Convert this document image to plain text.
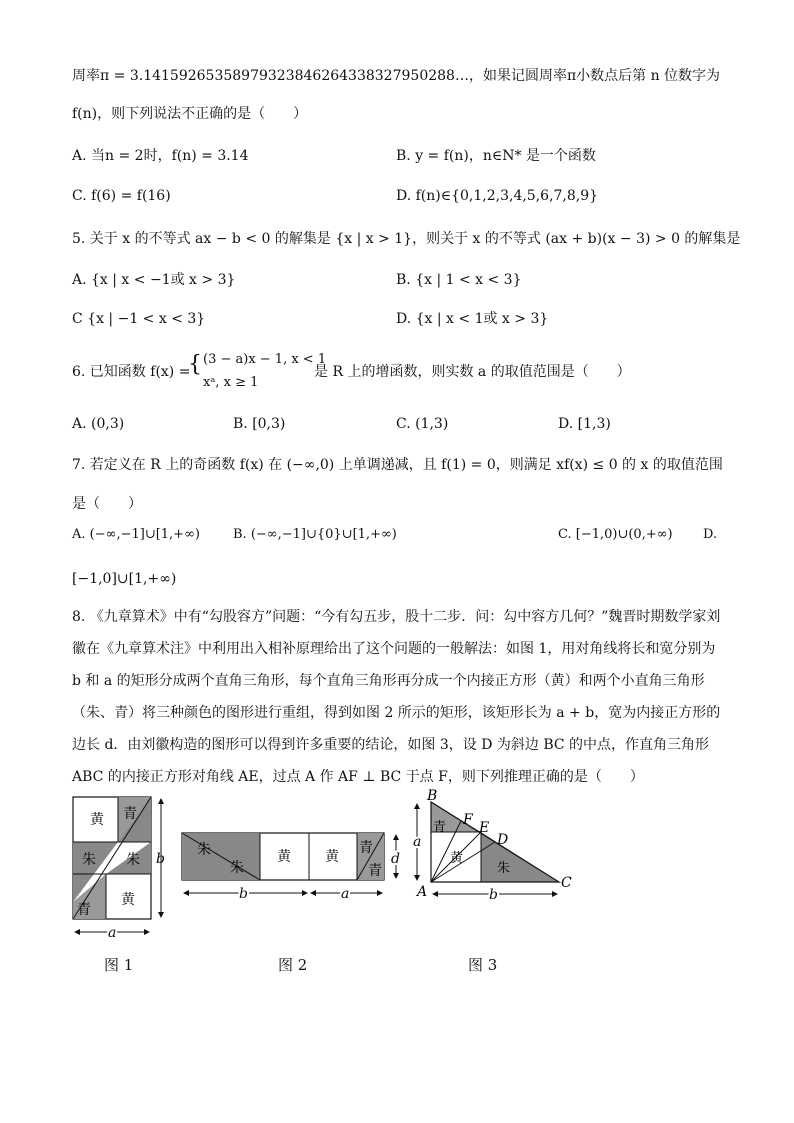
周率π = 3.1415926535897932384626433832795028​8…，如果记圆周率π小数点后第 n 位数字为
f(n)，则下列说法不正确的是（　　）
A. 当n = 2时，f(n) = 3.14	B. y = f(n)，n∈N* 是一个函数
C. f(6) = f(16)	D. f(n)∈{0,1,2,3,4,5,6,7,8,9}
5. 关于 x 的不等式 ax − b < 0 的解集是 {x | x > 1}，则关于 x 的不等式 (ax + b)(x − 3) > 0 的解集是
A. {x | x < −1或 x > 3}	B. {x | 1 < x < 3}
C {x | −1 < x < 3}	D. {x | x < 1或 x > 3}
6. 已知函数 f(x) =
{ (3 − a)x − 1, x < 1
xᵃ, x ≥ 1
是 R 上的增函数，则实数 a 的取值范围是（　　）
A. (0,3)	B. [0,3)	C. (1,3)	D. [1,3)
7. 若定义在 R 上的奇函数 f(x) 在 (−∞,0) 上单调递减，且 f(1) = 0，则满足 xf(x) ≤ 0 的 x 的取值范围
是（　　）
A. (−∞,−1]∪[1,+∞)	B. (−∞,−1]∪{0}∪[1,+∞)	C. [−1,0)∪(0,+∞) D.
[−1,0]∪[1,+∞)
8. 《九章算术》中有“勾股容方”问题：“今有勾五步，股十二步．问：勾中容方几何？”魏晋时期数学家刘
徽在《九章算术注》中利用出入相补原理给出了这个问题的一般解法：如图 1，用对角线将长和宽分别为
b 和 a 的矩形分成两个直角三角形，每个直角三角形再分成一个内接正方形（黄）和两个小直角三角形
（朱、青）将三种颜色的图形进行重组，得到如图 2 所示的矩形，该矩形长为 a + b，宽为内接正方形的
边长 d．由刘徽构造的图形可以得到许多重要的结论，如图 3，设 D 为斜边 BC 的中点，作直角三角形
ABC 的内接正方形对角线 AE，过点 A 作 AF ⊥ BC 于点 F，则下列推理正确的是（　　）
黄 青
朱 朱
青
黄
b
a
朱
朱
黄 黄
青
青
d
b	a
青
黄
朱
B
F E
D
C
A
a
b
图 1	图 2	图 3
